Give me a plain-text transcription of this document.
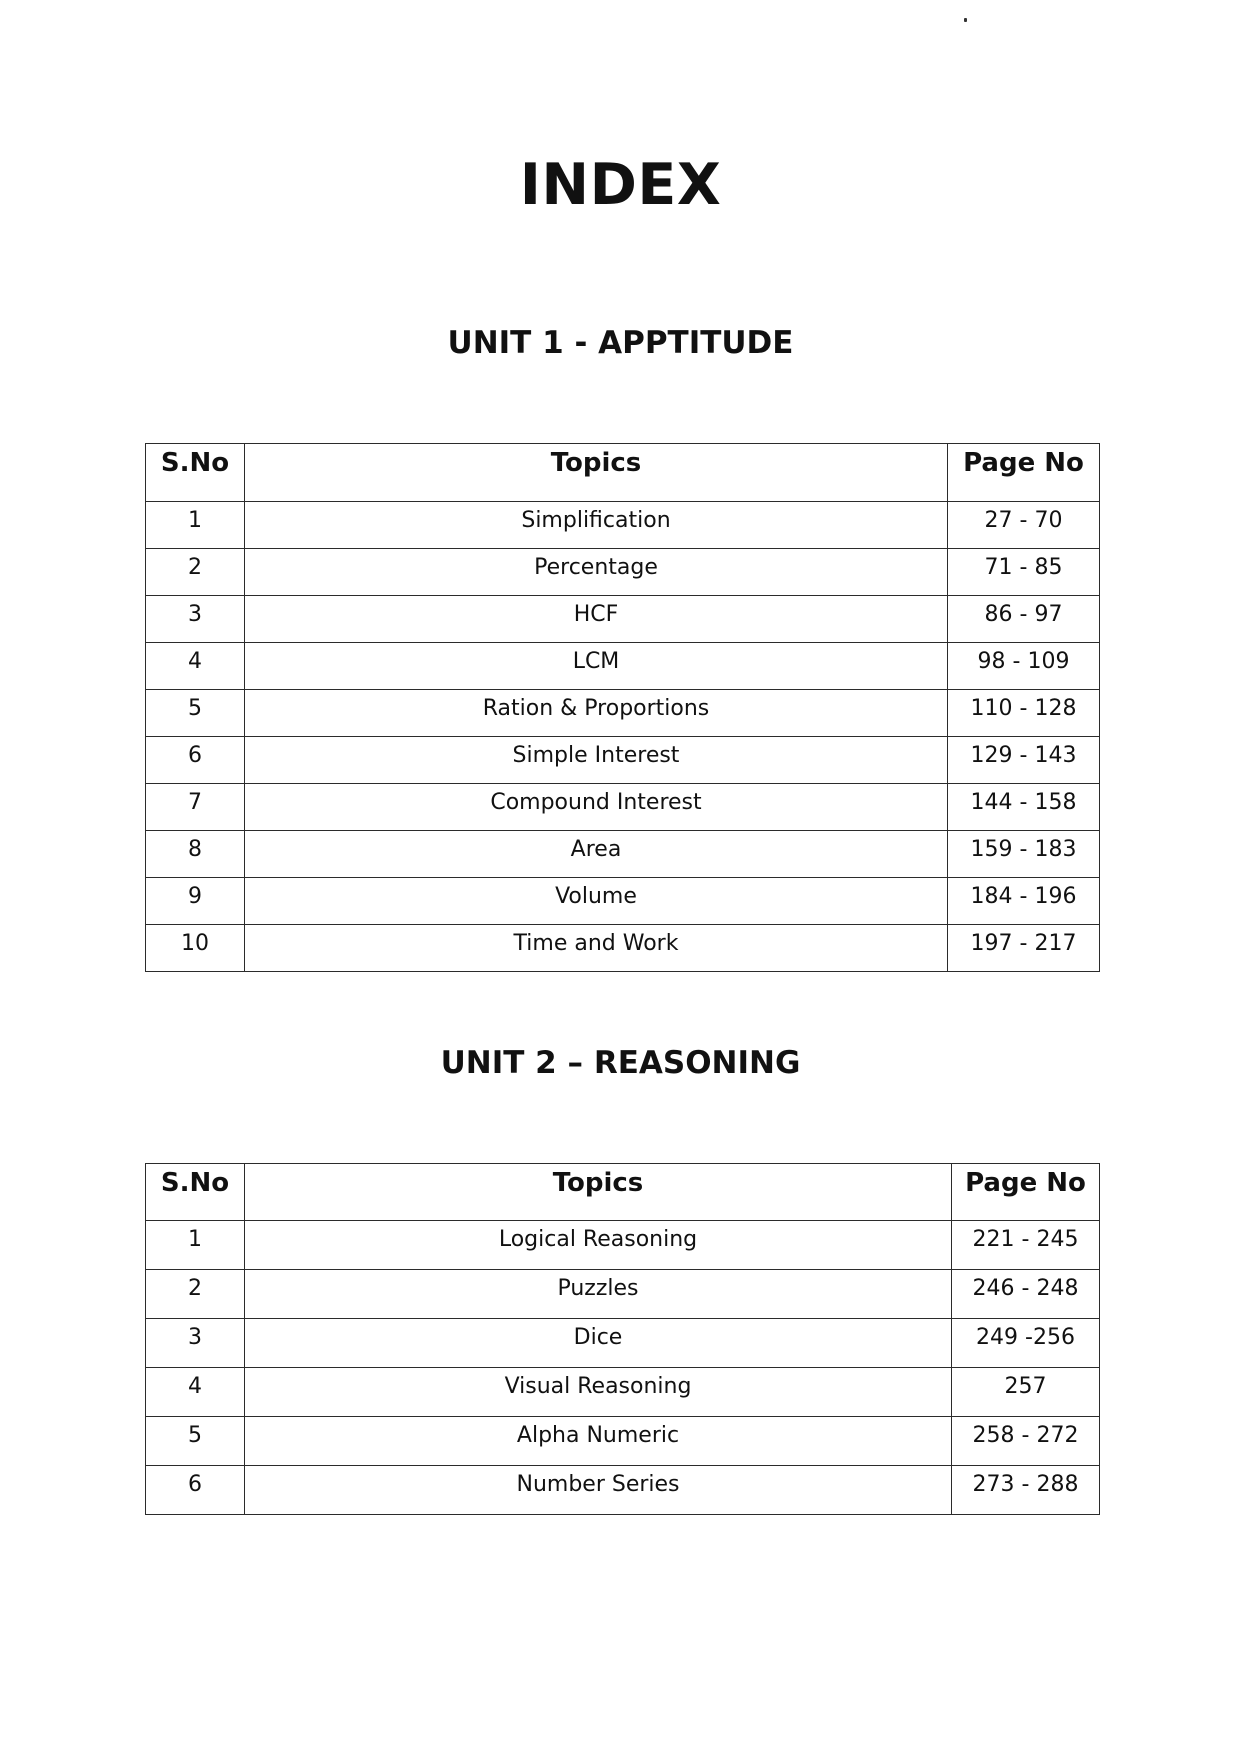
INDEX
UNIT 1 - APPTITUDE
S.No	Topics	Page No
1	Simplification	27 - 70
2	Percentage	71 - 85
3	HCF	86 - 97
4	LCM	98 - 109
5	Ration & Proportions	110 - 128
6	Simple Interest	129 - 143
7	Compound Interest	144 - 158
8	Area	159 - 183
9	Volume	184 - 196
10	Time and Work	197 - 217
UNIT 2 – REASONING
S.No	Topics	Page No
1	Logical Reasoning	221 - 245
2	Puzzles	246 - 248
3	Dice	249 -256
4	Visual Reasoning	257
5	Alpha Numeric	258 - 272
6	Number Series	273 - 288
